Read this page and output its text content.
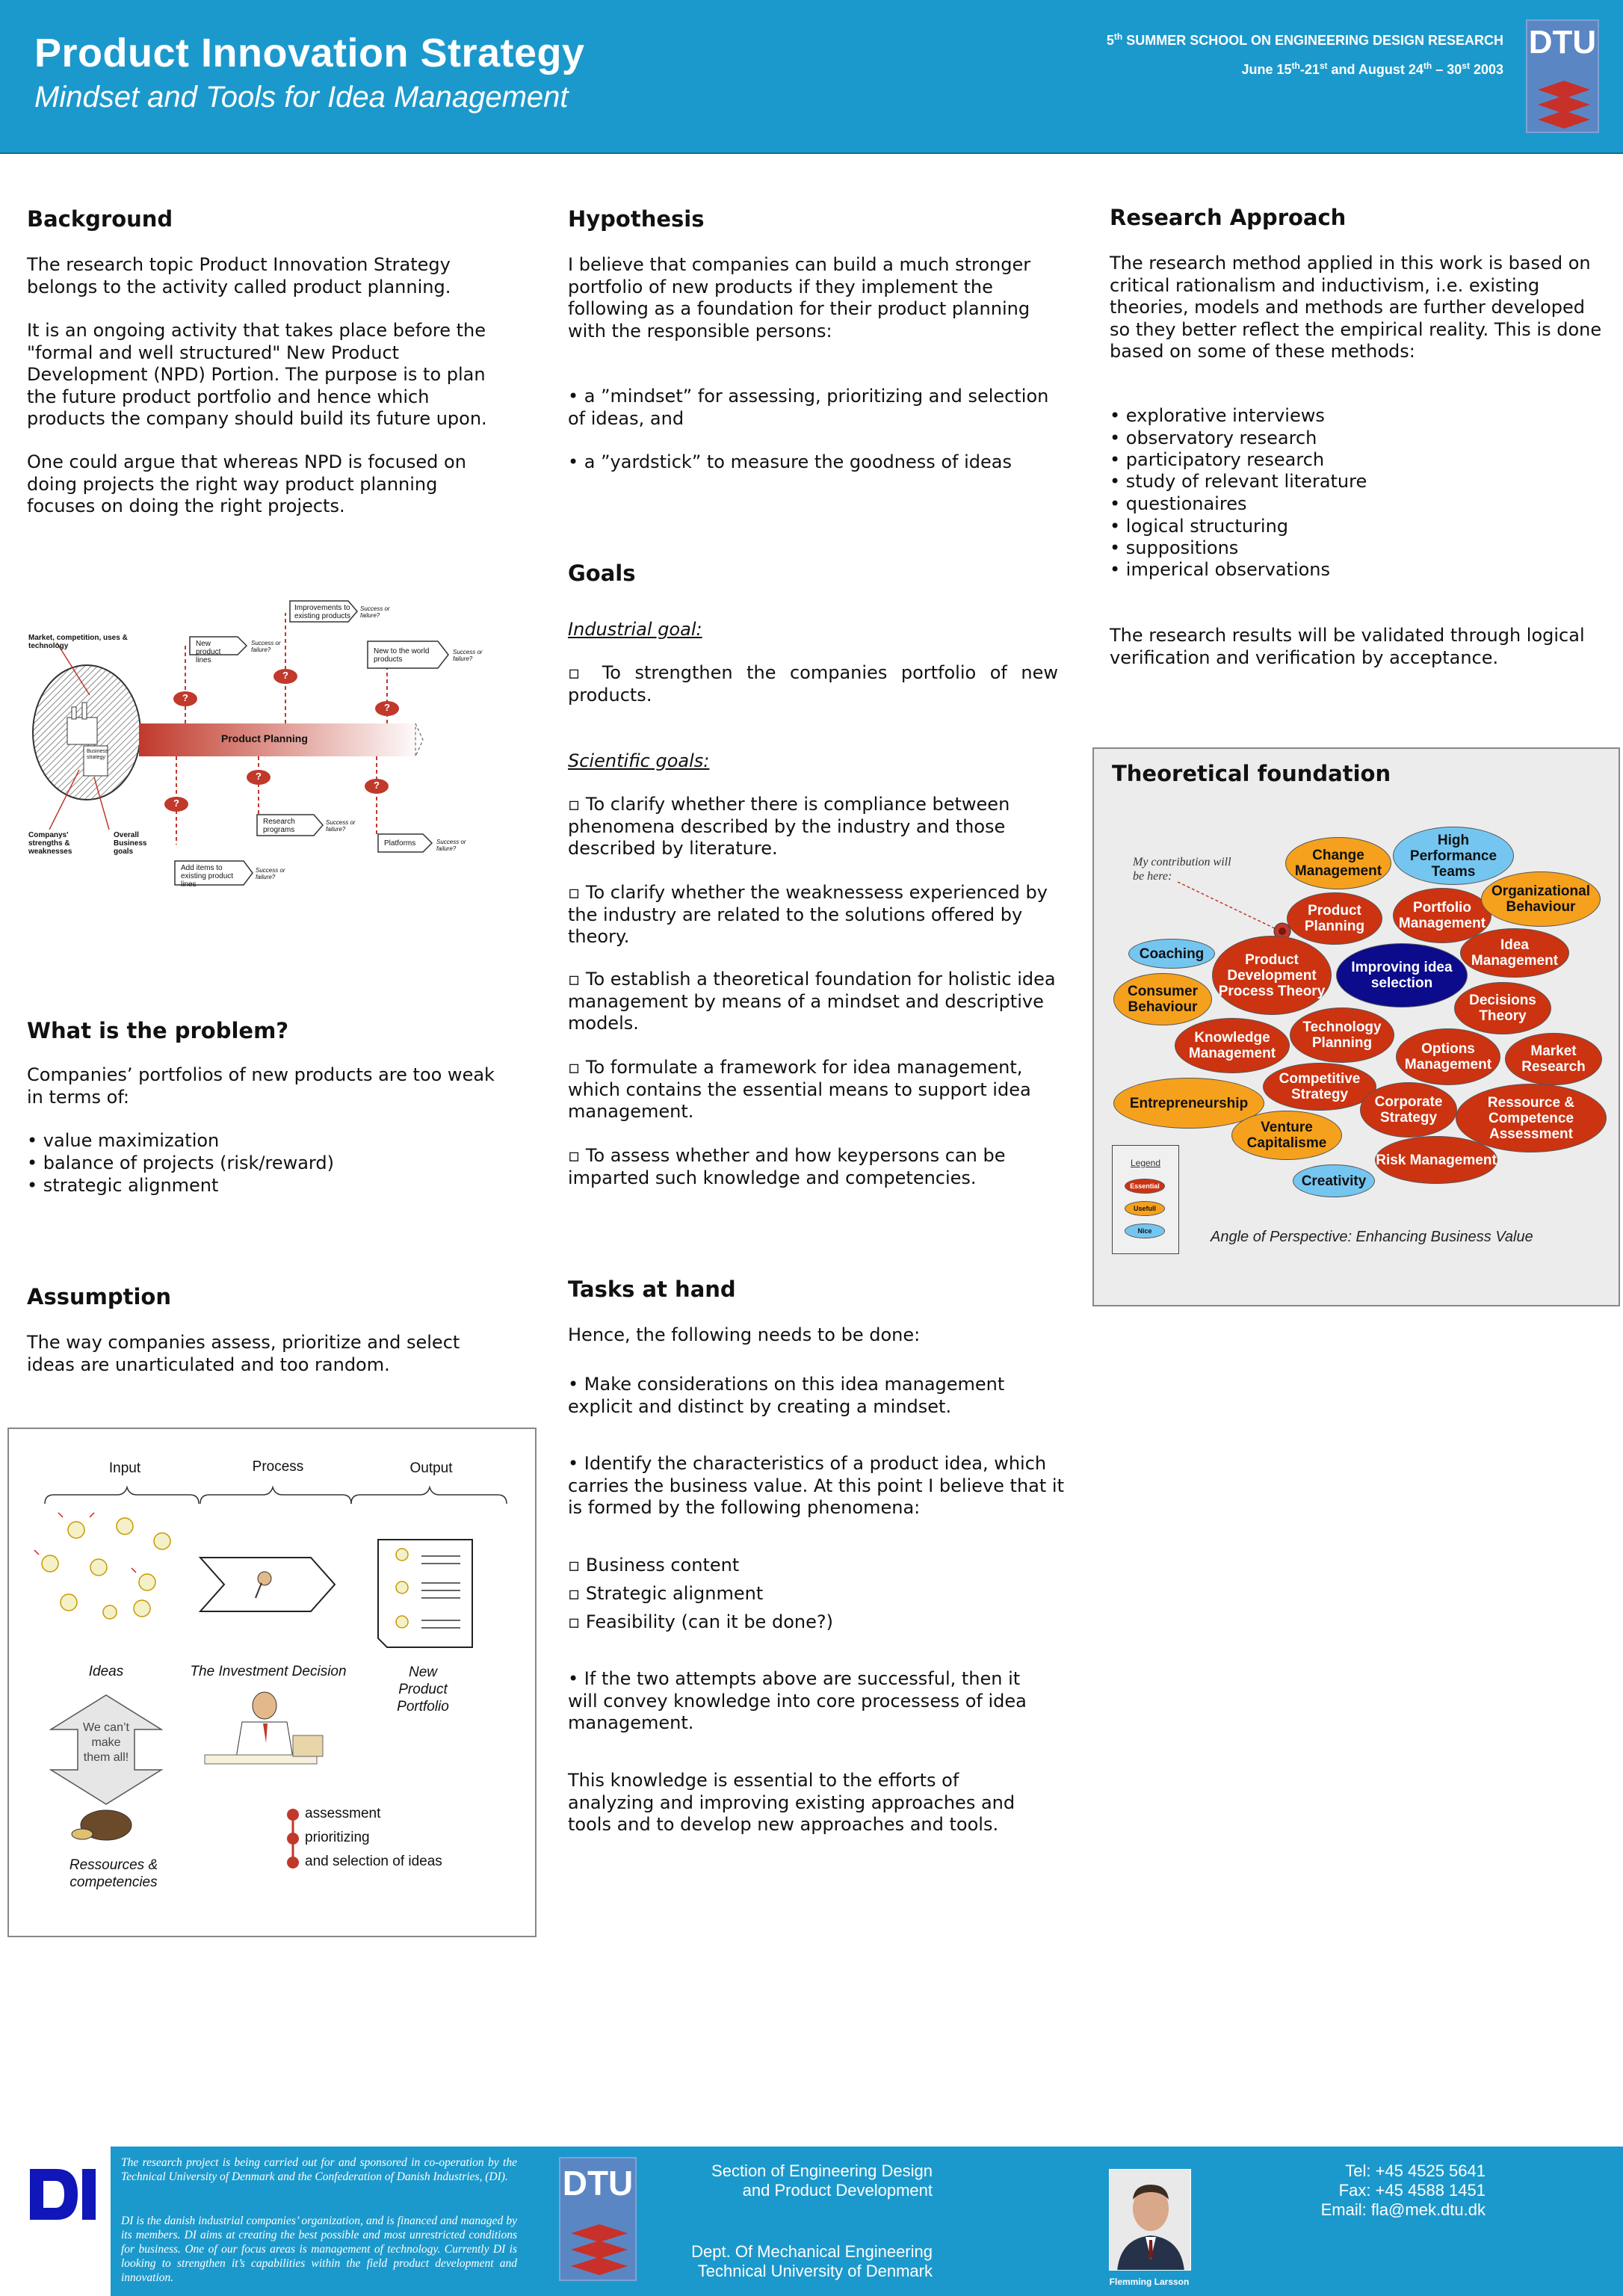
Product Innovation Strategy
Mindset and Tools for Idea Management
5th SUMMER SCHOOL ON ENGINEERING DESIGN RESEARCH
June 15th-21st and August 24th – 30st 2003
DTU
Background
The research topic Product Innovation Strategy belongs to the activity called product planning.
It is an ongoing activity that takes place before the "formal and well structured" New Product Development (NPD) Portion. The purpose is to plan the future product portfolio and hence which products the company should build its future upon.
One could argue that whereas NPD is focused on doing projects the right way product planning focuses on doing the right projects.
Market, competition, uses & technology
Business strategy
Product Planning
New product lines
Improvements to existing products
New to the world products
Research programs
Platforms
Add items to existing product lines
Companys' strengths & weaknesses
Overall Business goals
Success or failure?
Success or failure?
Success or failure?
Success or failure?
Success or failure?
Success or failure?
?
?
?
?
?
?
What is the problem?
Companies’ portfolios of new products are too weak in terms of:
• value maximization
• balance of projects (risk/reward)
• strategic alignment
Assumption
The way companies assess, prioritize and select ideas are unarticulated and too random.
Input	Process	Output
Ideas	The Investment Decision	New Product Portfolio
We can’t make them all!
Ressources & competencies
assessment
prioritizing
and selection of ideas
Hypothesis
I believe that companies can build a much stronger portfolio of new products if they implement the following as a foundation for their product planning with the responsible persons:
• a ”mindset” for assessing, prioritizing and selection of ideas, and
• a ”yardstick” to measure the goodness of ideas
Goals
Industrial goal:
▫ To strengthen the companies portfolio of new products.
Scientific goals:
▫ To clarify whether there is compliance between phenomena described by the industry and those described by literature.
▫ To clarify whether the weaknessess experienced by the industry are related to the solutions offered by theory.
▫ To establish a theoretical foundation for holistic idea management by means of a mindset and descriptive models.
▫ To formulate a framework for idea management, which contains the essential means to support idea management.
▫ To assess whether and how keypersons can be imparted such knowledge and competencies.
Tasks at hand
Hence, the following needs to be done:
• Make considerations on this idea management explicit and distinct by creating a mindset.
• Identify the characteristics of a product idea, which carries the business value. At this point I believe that it is formed by the following phenomena:
▫ Business content
▫ Strategic alignment
▫ Feasibility (can it be done?)
• If the two attempts above are successful, then it will convey knowledge into core processess of idea management.
This knowledge is essential to the efforts of analyzing and improving existing approaches and tools and to develop new approaches and tools.
Research Approach
The research method applied in this work is based on critical rationalism and inductivism, i.e. existing theories, models and methods are further developed so they better reflect the empirical reality. This is done based on some of these methods:
• explorative interviews
• observatory research
• participatory research
• study of relevant literature
• questionaires
• logical structuring
• suppositions
• imperical observations
The research results will be validated through logical verification and verification by acceptance.
Theoretical foundation
My contribution will be here:
Change Management
High Performance Teams
Product Planning
Portfolio Management
Organizational Behaviour
Coaching	Product Development Process Theory
Improving idea selection
Idea Management
Consumer Behaviour	Decisions Theory
Knowledge Management
Technology Planning	Options Management
Market Research
Entrepreneurship
Competitive Strategy	Corporate Strategy
Ressource & Competence Assessment
Venture Capitalisme
Risk Management
Creativity
Legend
Essential
Usefull
Nice	Angle of Perspective: Enhancing Business Value
The research project is being carried out for and sponsored in co-operation by the Technical University of Denmark and the Confederation of Danish Industries, (DI).
DI is the danish industrial companies’ organization, and is financed and managed by its members. DI aims at creating the best possible and most unrestricted conditions for business. One of our focus areas is management of technology. Currently DI is looking to strengthen it’s capabilities within the field product development and innovation.
DTU	Section of Engineering Design
and Product Development
Dept. Of Mechanical Engineering
Technical University of Denmark
Flemming Larsson
Tel: +45 4525 5641
Fax: +45 4588 1451
Email: fla@mek.dtu.dk
